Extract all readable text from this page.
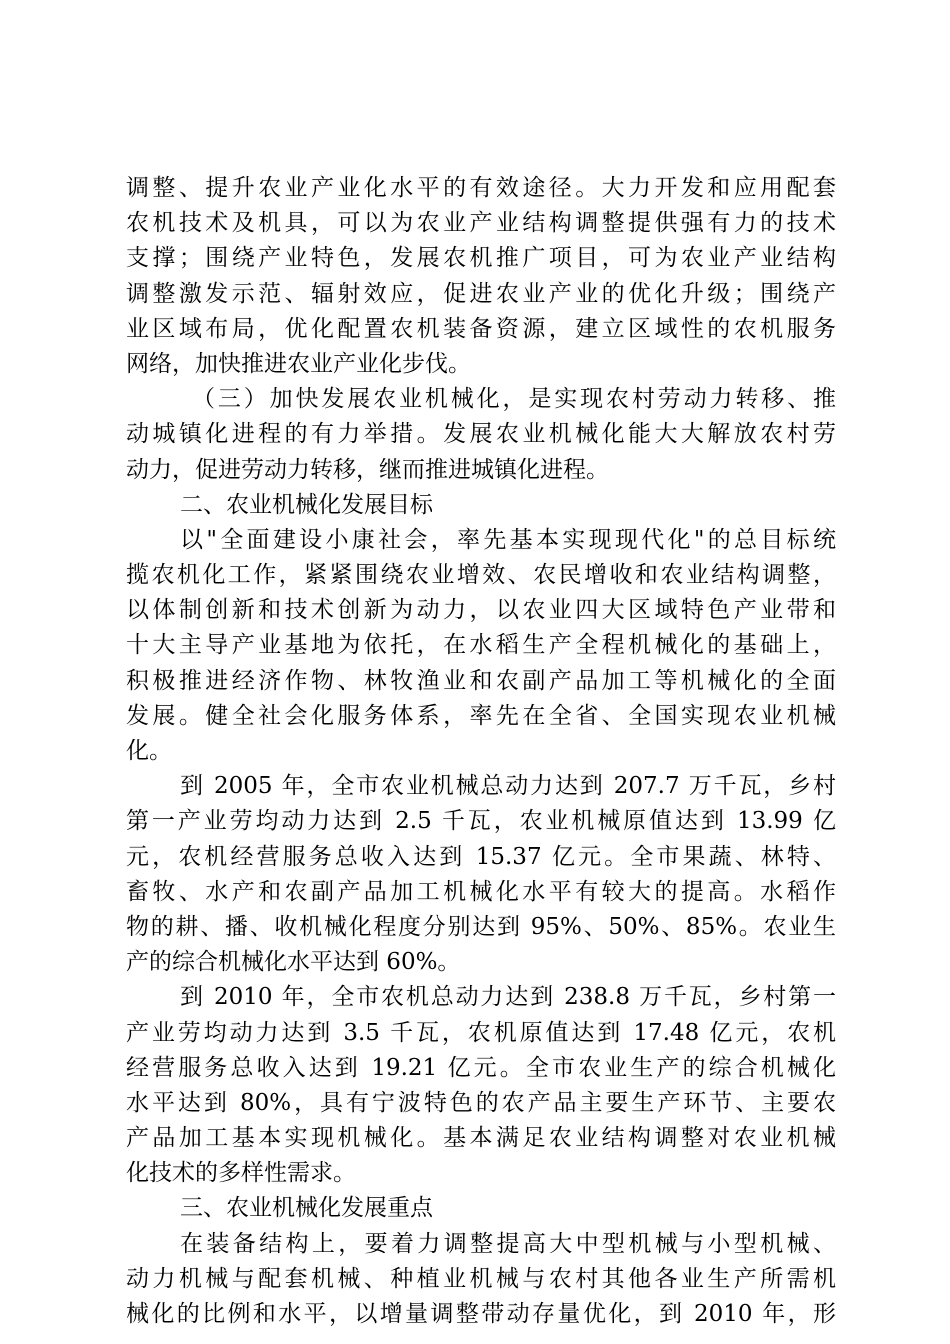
调整、提升农业产业化水平的有效途径。大力开发和应用配套
农机技术及机具，可以为农业产业结构调整提供强有力的技术
支撑；围绕产业特色，发展农机推广项目，可为农业产业结构
调整激发示范、辐射效应，促进农业产业的优化升级；围绕产
业区域布局，优化配置农机装备资源，建立区域性的农机服务
网络，加快推进农业产业化步伐。
（三）加快发展农业机械化，是实现农村劳动力转移、推
动城镇化进程的有力举措。发展农业机械化能大大解放农村劳
动力，促进劳动力转移，继而推进城镇化进程。
二、农业机械化发展目标
以"全面建设小康社会，率先基本实现现代化"的总目标统
揽农机化工作，紧紧围绕农业增效、农民增收和农业结构调整，
以体制创新和技术创新为动力，以农业四大区域特色产业带和
十大主导产业基地为依托，在水稻生产全程机械化的基础上，
积极推进经济作物、林牧渔业和农副产品加工等机械化的全面
发展。健全社会化服务体系，率先在全省、全国实现农业机械
化。
到 2005 年，全市农业机械总动力达到 207.7 万千瓦，乡村
第一产业劳均动力达到 2.5 千瓦，农业机械原值达到 13.99 亿
元，农机经营服务总收入达到 15.37 亿元。全市果蔬、林特、
畜牧、水产和农副产品加工机械化水平有较大的提高。水稻作
物的耕、播、收机械化程度分别达到 95%、50%、85%。农业生
产的综合机械化水平达到 60%。
到 2010 年，全市农机总动力达到 238.8 万千瓦，乡村第一
产业劳均动力达到 3.5 千瓦，农机原值达到 17.48 亿元，农机
经营服务总收入达到 19.21 亿元。全市农业生产的综合机械化
水平达到 80%，具有宁波特色的农产品主要生产环节、主要农
产品加工基本实现机械化。基本满足农业结构调整对农业机械
化技术的多样性需求。
三、农业机械化发展重点
在装备结构上，要着力调整提高大中型机械与小型机械、
动力机械与配套机械、种植业机械与农村其他各业生产所需机
械化的比例和水平，以增量调整带动存量优化，到 2010 年，形
